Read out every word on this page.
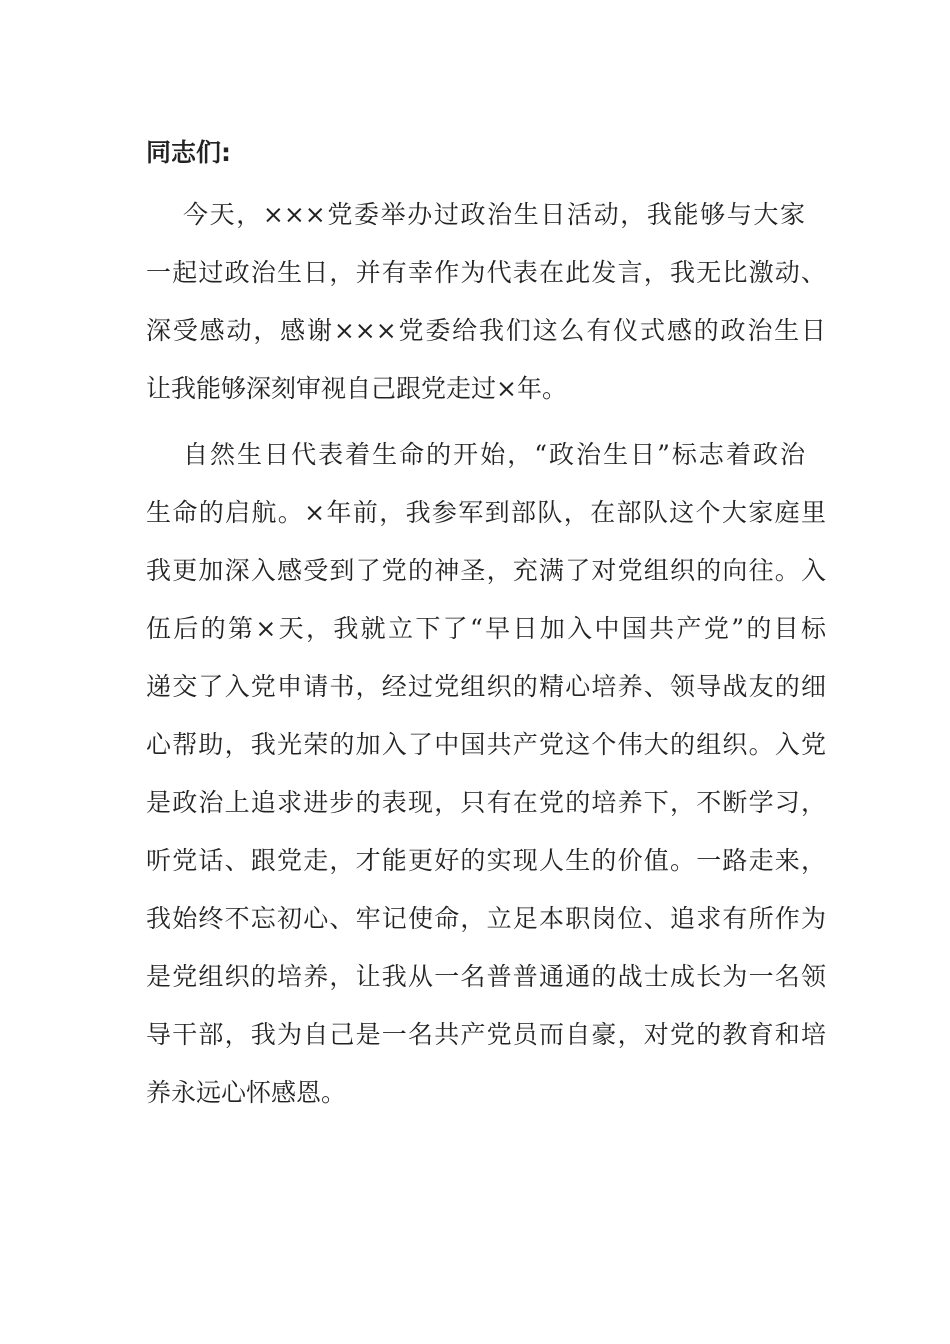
同志们:

今天，×××党委举办过政治生日活动，我能够与大家

一起过政治生日，并有幸作为代表在此发言，我无比激动、

深受感动，感谢×××党委给我们这么有仪式感的政治生日

让我能够深刻审视自己跟党走过×年。

自然生日代表着生命的开始，“政治生日”标志着政治

生命的启航。×年前，我参军到部队，在部队这个大家庭里

我更加深入感受到了党的神圣，充满了对党组织的向往。入

伍后的第×天，我就立下了“早日加入中国共产党”的目标

递交了入党申请书，经过党组织的精心培养、领导战友的细

心帮助，我光荣的加入了中国共产党这个伟大的组织。入党

是政治上追求进步的表现，只有在党的培养下，不断学习，

听党话、跟党走，才能更好的实现人生的价值。一路走来，

我始终不忘初心、牢记使命，立足本职岗位、追求有所作为

是党组织的培养，让我从一名普普通通的战士成长为一名领

导干部，我为自己是一名共产党员而自豪，对党的教育和培

养永远心怀感恩。
